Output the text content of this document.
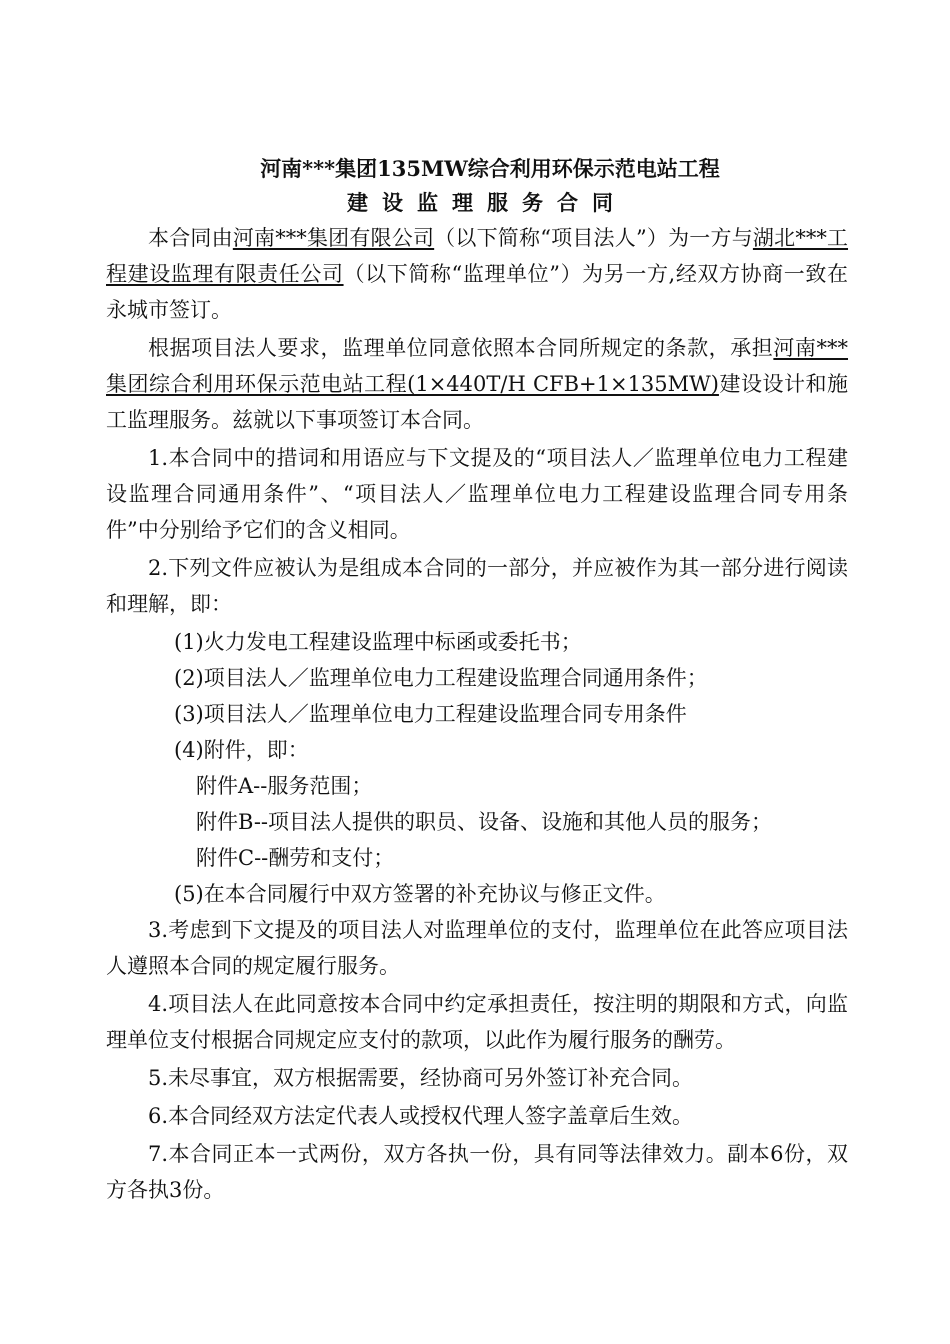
河南***集团135MW综合利用环保示范电站工程
建设监理服务合同
本合同由河南***集团有限公司（以下简称“项目法人”）为一方与湖北***工程建设监理有限责任公司（以下简称“监理单位”）为另一方,经双方协商一致在永城市签订。
根据项目法人要求，监理单位同意依照本合同所规定的条款，承担河南***集团综合利用环保示范电站工程(1×440T/H CFB+1×135MW)建设设计和施工监理服务。兹就以下事项签订本合同。
1.本合同中的措词和用语应与下文提及的“项目法人／监理单位电力工程建设监理合同通用条件”、“项目法人／监理单位电力工程建设监理合同专用条件”中分别给予它们的含义相同。
2.下列文件应被认为是组成本合同的一部分，并应被作为其一部分进行阅读和理解，即：
(1)火力发电工程建设监理中标函或委托书；
(2)项目法人／监理单位电力工程建设监理合同通用条件；
(3)项目法人／监理单位电力工程建设监理合同专用条件
(4)附件，即：
附件A--服务范围；
附件B--项目法人提供的职员、设备、设施和其他人员的服务；
附件C--酬劳和支付；
(5)在本合同履行中双方签署的补充协议与修正文件。
3.考虑到下文提及的项目法人对监理单位的支付，监理单位在此答应项目法人遵照本合同的规定履行服务。
4.项目法人在此同意按本合同中约定承担责任，按注明的期限和方式，向监理单位支付根据合同规定应支付的款项，以此作为履行服务的酬劳。
5.未尽事宜，双方根据需要，经协商可另外签订补充合同。
6.本合同经双方法定代表人或授权代理人签字盖章后生效。
7.本合同正本一式两份，双方各执一份，具有同等法律效力。副本6份，双方各执3份。
